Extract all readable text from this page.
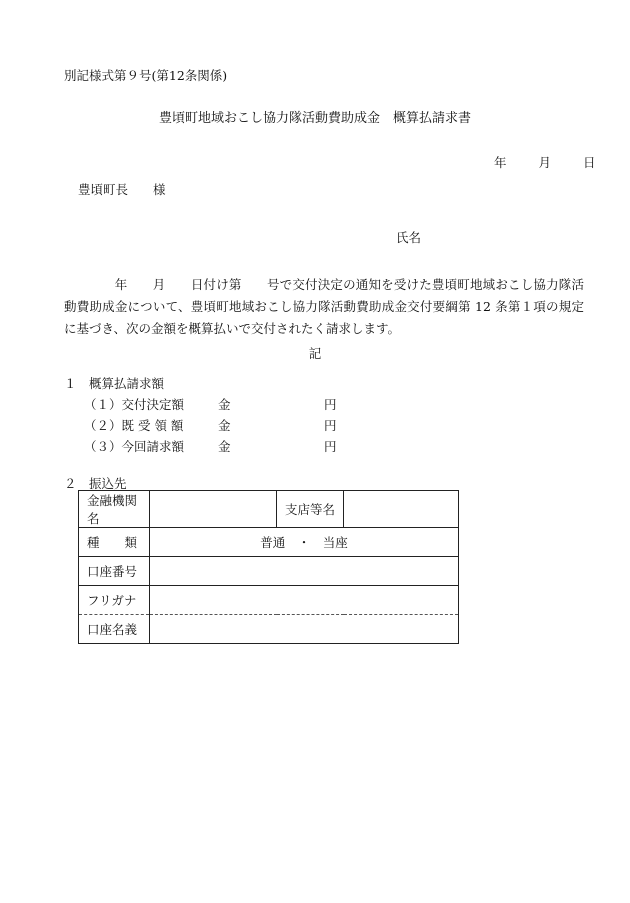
別記様式第９号(第12条関係)
豊頃町地域おこし協力隊活動費助成金　概算払請求書
年	月	日
豊頃町長　　様
氏名
　　　　年　　月　　日付け第　　号で交付決定の通知を受けた豊頃町地域おこし協力隊活動費助成金について、豊頃町地域おこし協力隊活動費助成金交付要綱第 12 条第１項の規定に基づき、次の金額を概算払いで交付されたく請求します。
記
１　概算払請求額
（１）交付決定額	金	円
（２）既 受 領 額	金	円
（３）今回請求額	金	円
２　振込先
金融機関名		支店等名	
種　　類	普通　・　当座		
口座番号			
フリガナ			
口座名義			
